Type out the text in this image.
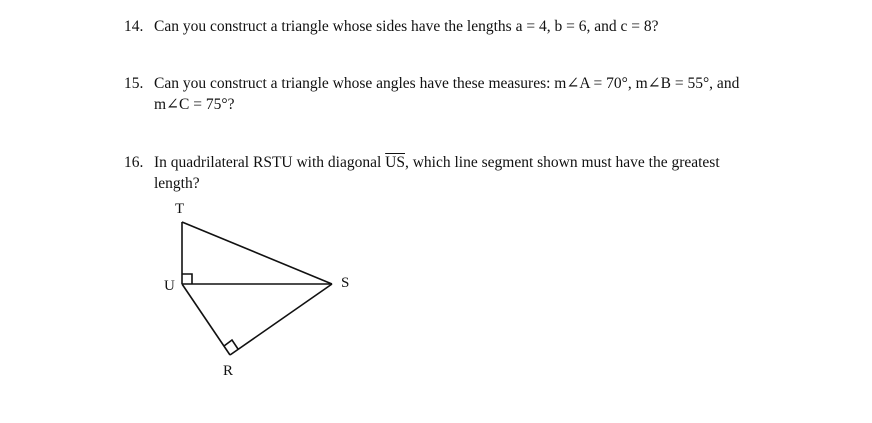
14. Can you construct a triangle whose sides have the lengths a = 4, b = 6, and c = 8?
15. Can you construct a triangle whose angles have these measures: m∠A = 70°, m∠B = 55°, and
m∠C = 75°?
16. In quadrilateral RSTU with diagonal $\overline{US}$, which line segment shown must have the greatest
length?
T
U	S
R
